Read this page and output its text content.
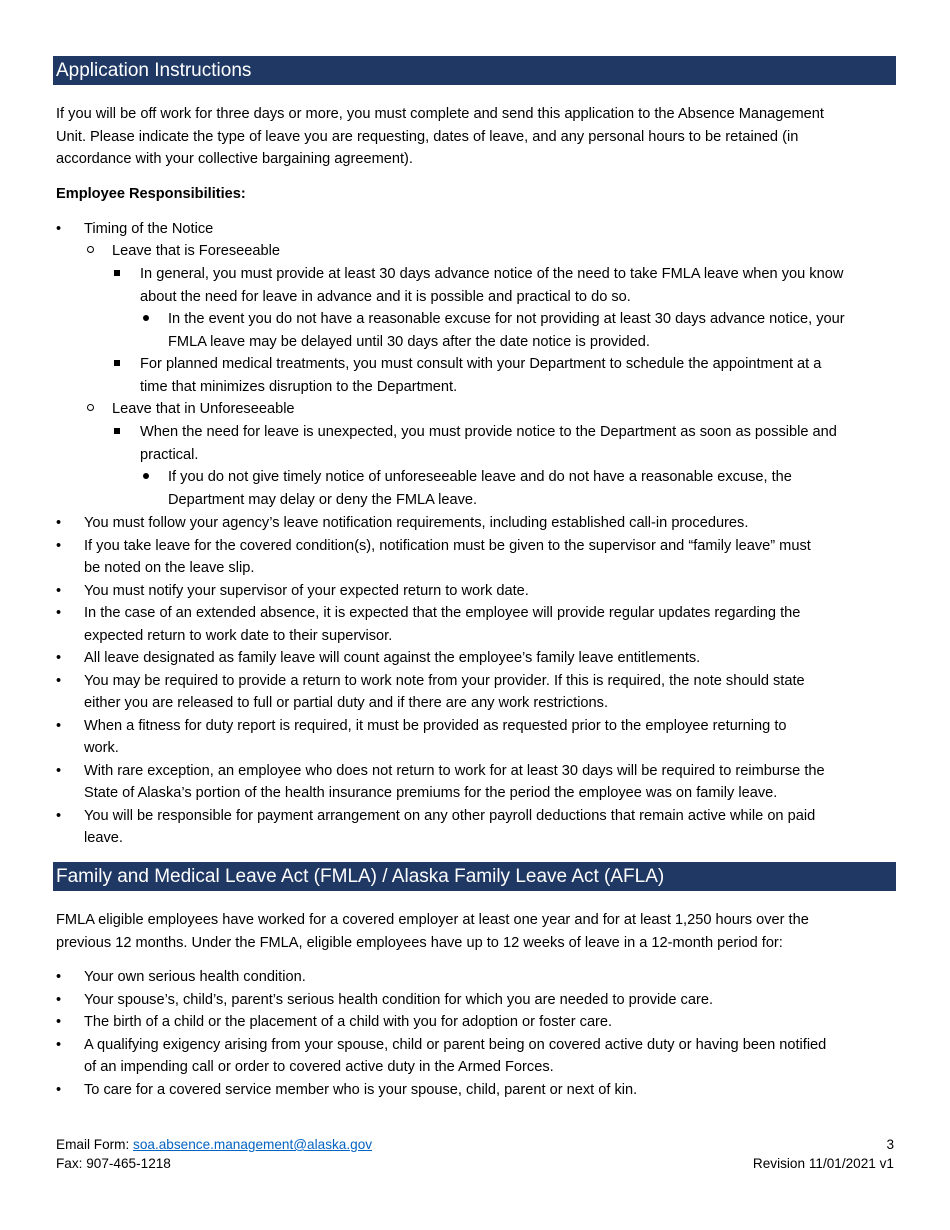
Application Instructions
If you will be off work for three days or more, you must complete and send this application to the Absence Management
Unit. Please indicate the type of leave you are requesting, dates of leave, and any personal hours to be retained (in
accordance with your collective bargaining agreement).
Employee Responsibilities:
• Timing of the Notice
Leave that is Foreseeable
In general, you must provide at least 30 days advance notice of the need to take FMLA leave when you know
about the need for leave in advance and it is possible and practical to do so.
In the event you do not have a reasonable excuse for not providing at least 30 days advance notice, your
FMLA leave may be delayed until 30 days after the date notice is provided.
For planned medical treatments, you must consult with your Department to schedule the appointment at a
time that minimizes disruption to the Department.
Leave that in Unforeseeable
When the need for leave is unexpected, you must provide notice to the Department as soon as possible and
practical.
If you do not give timely notice of unforeseeable leave and do not have a reasonable excuse, the
Department may delay or deny the FMLA leave.
• You must follow your agency’s leave notification requirements, including established call-in procedures.
• If you take leave for the covered condition(s), notification must be given to the supervisor and “family leave” must
be noted on the leave slip.
• You must notify your supervisor of your expected return to work date.
• In the case of an extended absence, it is expected that the employee will provide regular updates regarding the
expected return to work date to their supervisor.
• All leave designated as family leave will count against the employee’s family leave entitlements.
• You may be required to provide a return to work note from your provider. If this is required, the note should state
either you are released to full or partial duty and if there are any work restrictions.
• When a fitness for duty report is required, it must be provided as requested prior to the employee returning to
work.
• With rare exception, an employee who does not return to work for at least 30 days will be required to reimburse the
State of Alaska’s portion of the health insurance premiums for the period the employee was on family leave.
• You will be responsible for payment arrangement on any other payroll deductions that remain active while on paid
leave.
Family and Medical Leave Act (FMLA) / Alaska Family Leave Act (AFLA)
FMLA eligible employees have worked for a covered employer at least one year and for at least 1,250 hours over the
previous 12 months. Under the FMLA, eligible employees have up to 12 weeks of leave in a 12-month period for:
• Your own serious health condition.
• Your spouse’s, child’s, parent’s serious health condition for which you are needed to provide care.
• The birth of a child or the placement of a child with you for adoption or foster care.
• A qualifying exigency arising from your spouse, child or parent being on covered active duty or having been notified
of an impending call or order to covered active duty in the Armed Forces.
• To care for a covered service member who is your spouse, child, parent or next of kin.
Email Form: soa.absence.management@alaska.gov
Fax: 907-465-1218
3
Revision 11/01/2021 v1
